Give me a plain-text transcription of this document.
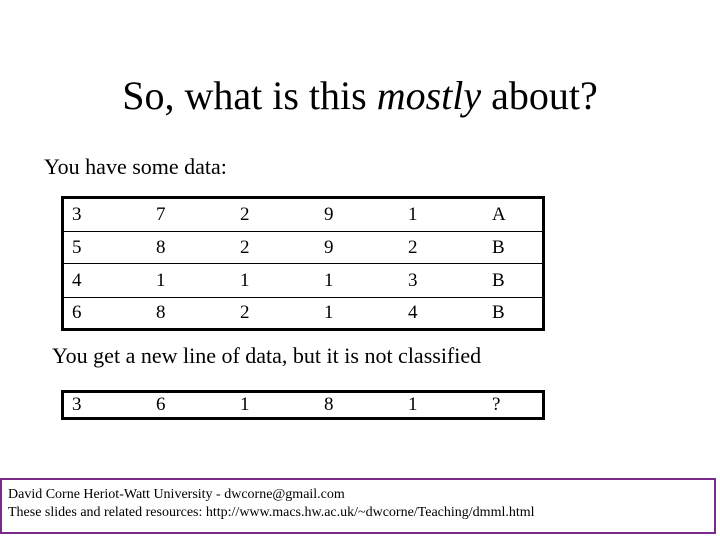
So, what is this mostly about?
You have some data:
3	7	2	9	1	A
5	8	2	9	2	B
4	1	1	1	3	B
6	8	2	1	4	B
You get a new line of data, but it is not classified
3	6	1	8	1	?
David Corne Heriot-Watt University - dwcorne@gmail.com
These slides and related resources: http://www.macs.hw.ac.uk/~dwcorne/Teaching/dmml.html
